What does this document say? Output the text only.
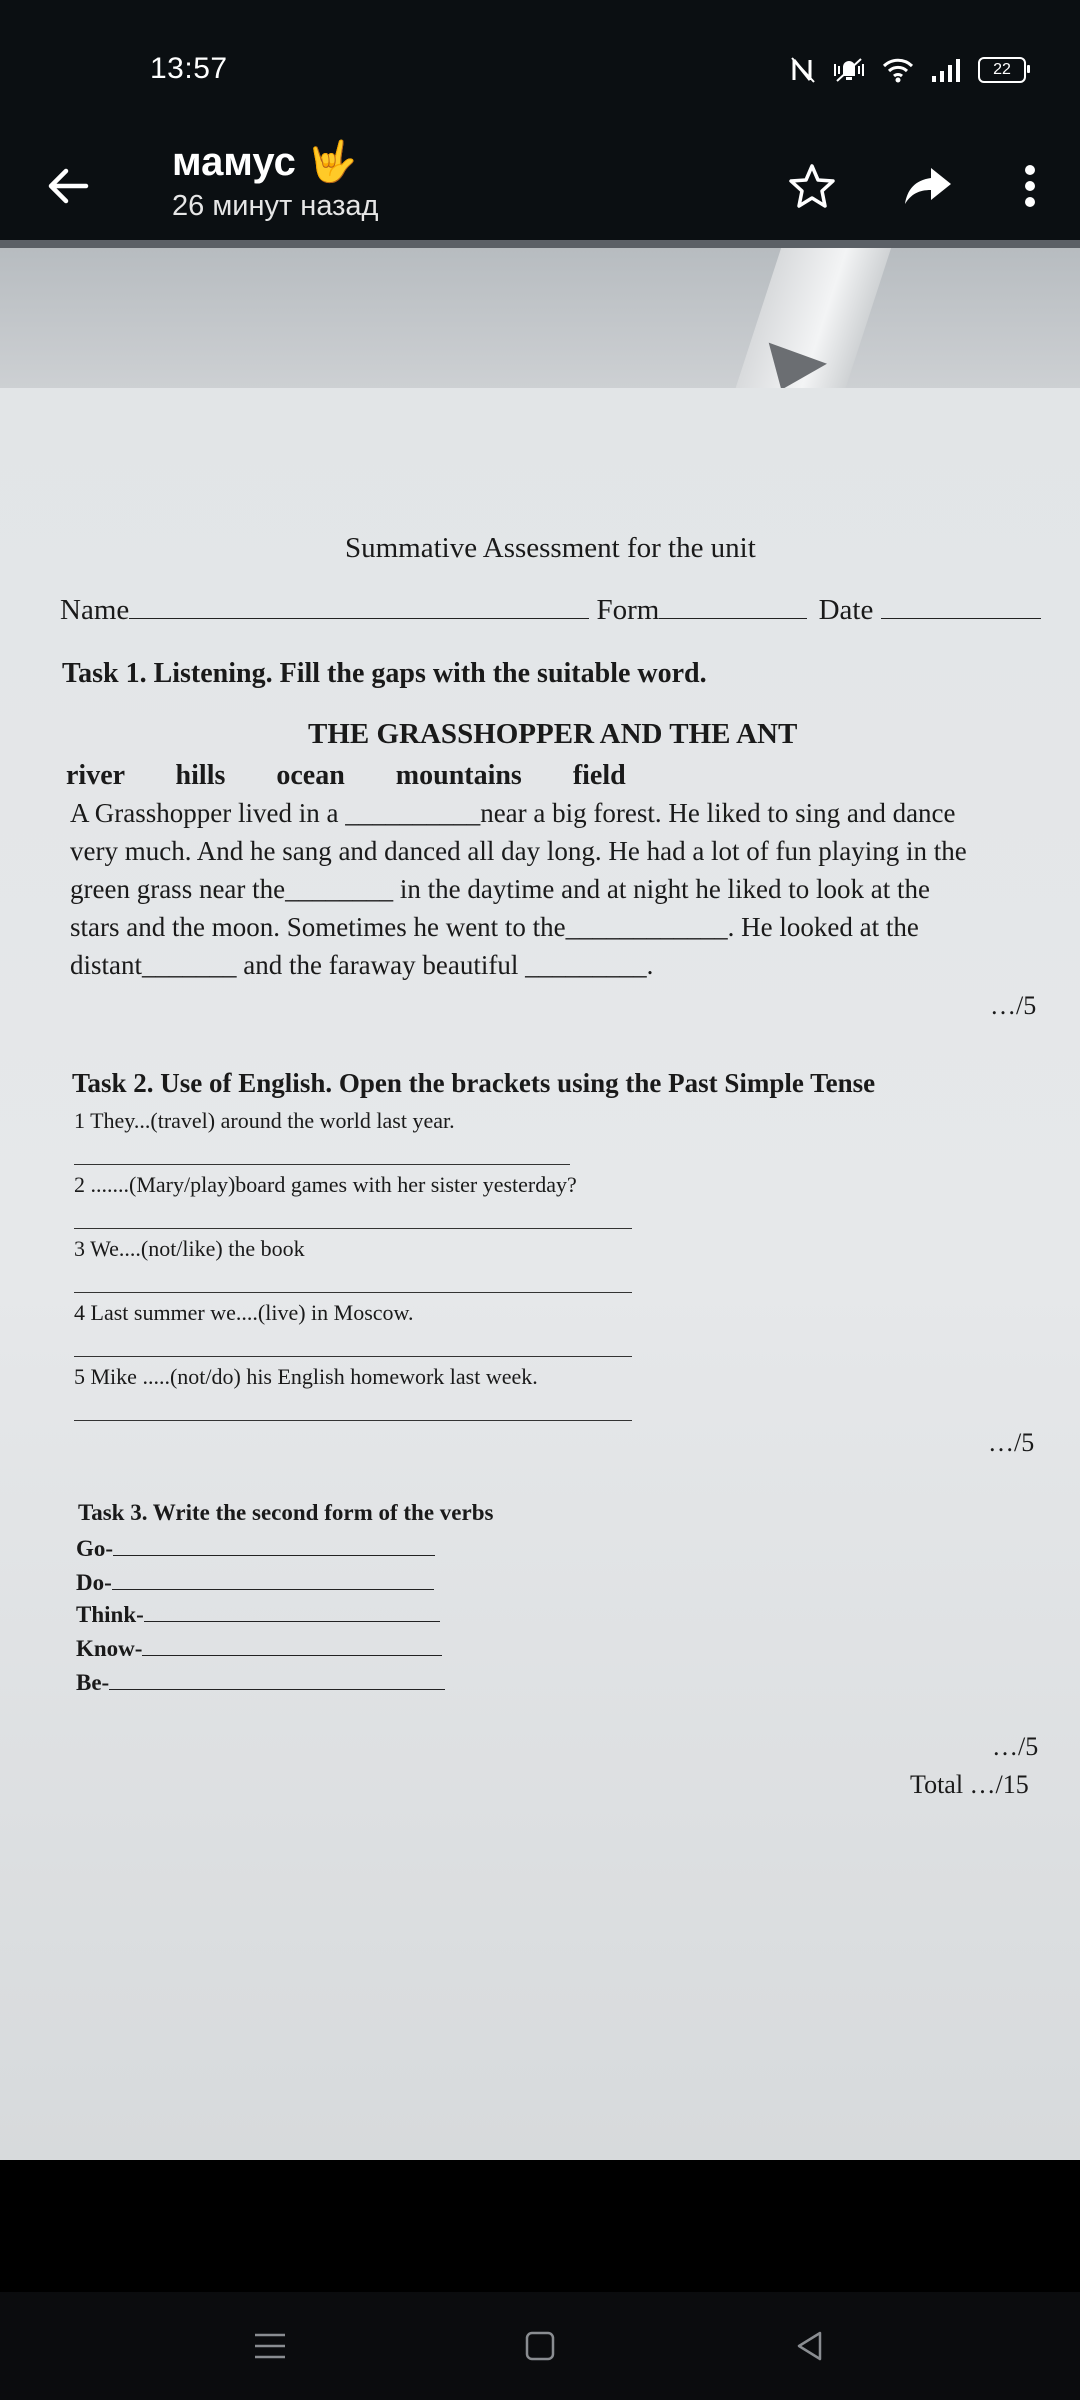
13:57	22
мамус 🤟
26 минут назад
Summative Assessment for the unit
Name	Form	Date
Task 1. Listening. Fill the gaps with the suitable word.
THE GRASSHOPPER AND THE ANT
river   hills   ocean   mountains   field
A Grasshopper lived in a __________near a big forest. He liked to sing and dance
very much. And he sang and danced all day long. He had a lot of fun playing in the
green grass near the________ in the daytime and at night he liked to look at the
stars and the moon. Sometimes he went to the____________. He looked at the
distant_______ and the faraway beautiful _________.
…/5
Task 2. Use of English. Open the brackets using the Past Simple Tense
1 They...(travel) around the world last year.
2 .......(Mary/play)board games with her sister yesterday?
3 We....(not/like) the book
4 Last summer we....(live) in Moscow.
5 Mike .....(not/do) his English homework last week.
…/5
Task 3. Write the second form of the verbs
Go-
Do-
Think-
Know-
Be-
…/5
Total …/15
